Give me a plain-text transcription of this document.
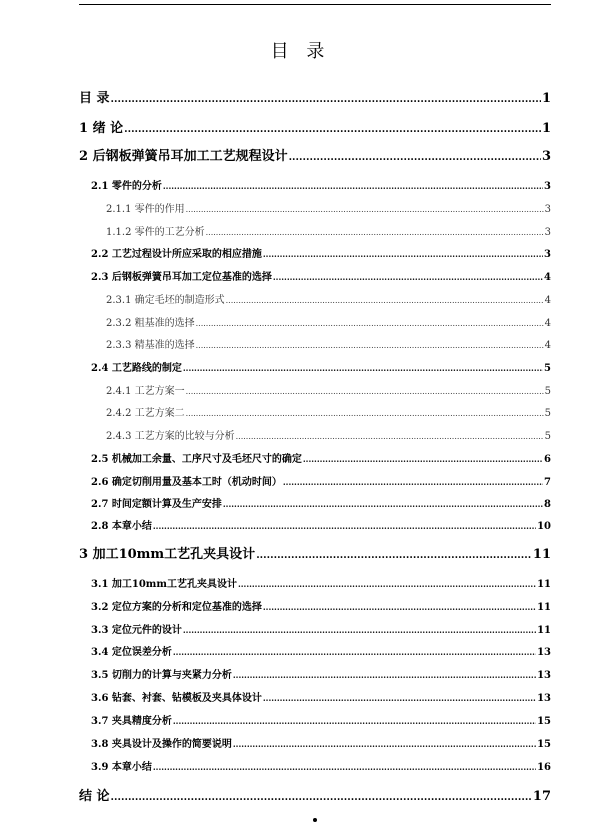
目 录
目 录 .....	1
1 绪 论 .....	1
2 后钢板弹簧吊耳加工工艺规程设计 .....	3
2.1 零件的分析 .....	3
2.1.1 零件的作用 .....	3
1.1.2 零件的工艺分析 .....	3
2.2 工艺过程设计所应采取的相应措施 .....	3
2.3 后钢板弹簧吊耳加工定位基准的选择 .....	4
2.3.1 确定毛坯的制造形式 .....	4
2.3.2 粗基准的选择 .....	4
2.3.3 精基准的选择 .....	4
2.4 工艺路线的制定 .....	5
2.4.1 工艺方案一 .....	5
2.4.2 工艺方案二 .....	5
2.4.3 工艺方案的比较与分析 .....	5
2.5 机械加工余量、工序尺寸及毛坯尺寸的确定 .....	6
2.6 确定切削用量及基本工时（机动时间） .....	7
2.7 时间定额计算及生产安排 .....	8
2.8 本章小结 .....	10
3 加工10mm工艺孔夹具设计 .....	11
3.1 加工10mm工艺孔夹具设计 .....	11
3.2 定位方案的分析和定位基准的选择 .....	11
3.3 定位元件的设计 .....	11
3.4 定位误差分析 .....	13
3.5 切削力的计算与夹紧力分析 .....	13
3.6 钻套、衬套、钻模板及夹具体设计 .....	13
3.7 夹具精度分析 .....	15
3.8 夹具设计及操作的简要说明 .....	15
3.9 本章小结 .....	16
结 论 .....	17
